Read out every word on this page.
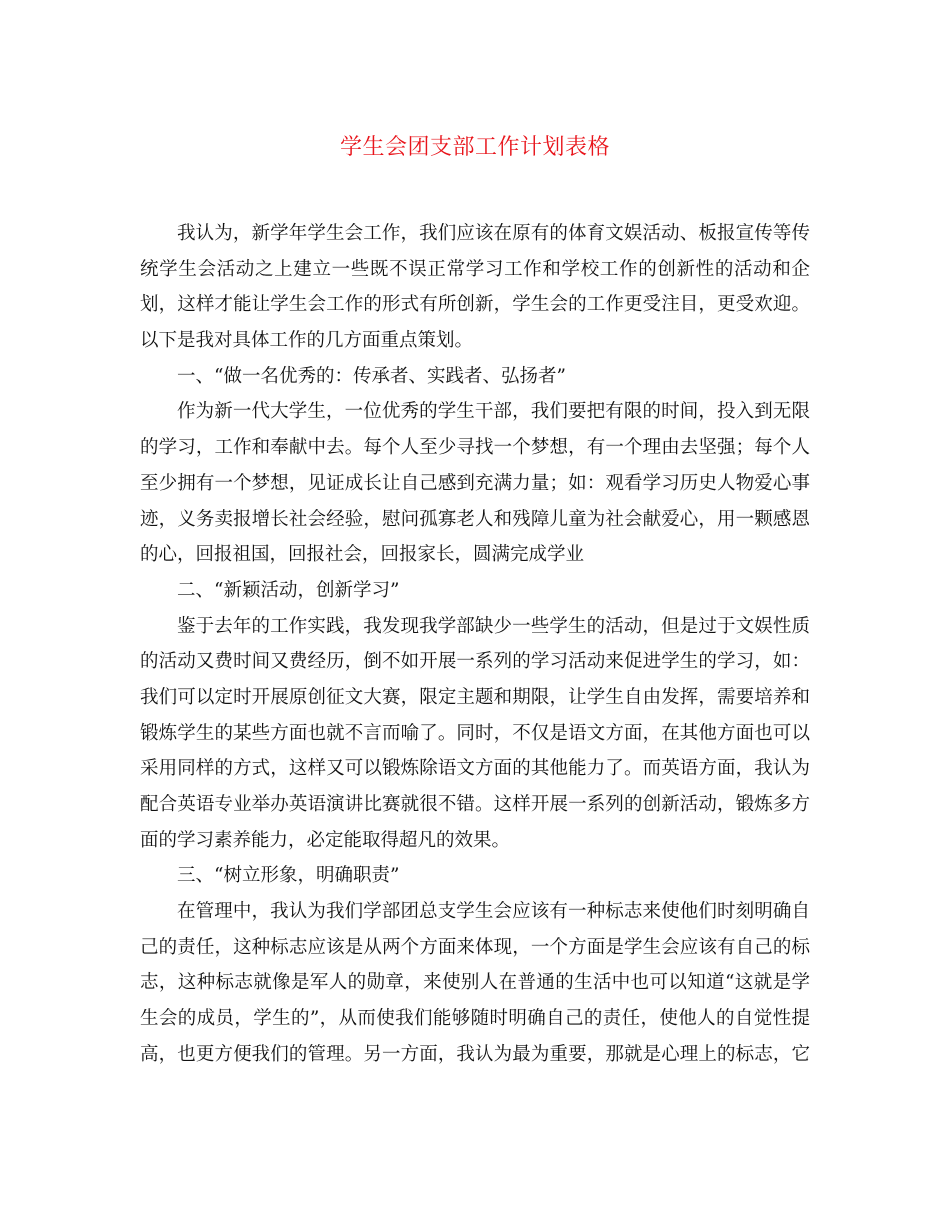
学生会团支部工作计划表格
我认为，新学年学生会工作，我们应该在原有的体育文娱活动、板报宣传等传
统学生会活动之上建立一些既不误正常学习工作和学校工作的创新性的活动和企
划，这样才能让学生会工作的形式有所创新，学生会的工作更受注目，更受欢迎。
以下是我对具体工作的几方面重点策划。
一、“做一名优秀的：传承者、实践者、弘扬者”
作为新一代大学生，一位优秀的学生干部，我们要把有限的时间，投入到无限
的学习，工作和奉献中去。每个人至少寻找一个梦想，有一个理由去坚强；每个人
至少拥有一个梦想，见证成长让自己感到充满力量；如：观看学习历史人物爱心事
迹，义务卖报增长社会经验，慰问孤寡老人和残障儿童为社会献爱心，用一颗感恩
的心，回报祖国，回报社会，回报家长，圆满完成学业
二、“新颖活动，创新学习”
鉴于去年的工作实践，我发现我学部缺少一些学生的活动，但是过于文娱性质
的活动又费时间又费经历，倒不如开展一系列的学习活动来促进学生的学习，如：
我们可以定时开展原创征文大赛，限定主题和期限，让学生自由发挥，需要培养和
锻炼学生的某些方面也就不言而喻了。同时，不仅是语文方面，在其他方面也可以
采用同样的方式，这样又可以锻炼除语文方面的其他能力了。而英语方面，我认为
配合英语专业举办英语演讲比赛就很不错。这样开展一系列的创新活动，锻炼多方
面的学习素养能力，必定能取得超凡的效果。
三、“树立形象，明确职责”
在管理中，我认为我们学部团总支学生会应该有一种标志来使他们时刻明确自
己的责任，这种标志应该是从两个方面来体现，一个方面是学生会应该有自己的标
志，这种标志就像是军人的勋章，来使别人在普通的生活中也可以知道“这就是学
生会的成员，学生的”，从而使我们能够随时明确自己的责任，使他人的自觉性提
高，也更方便我们的管理。另一方面，我认为最为重要，那就是心理上的标志，它
